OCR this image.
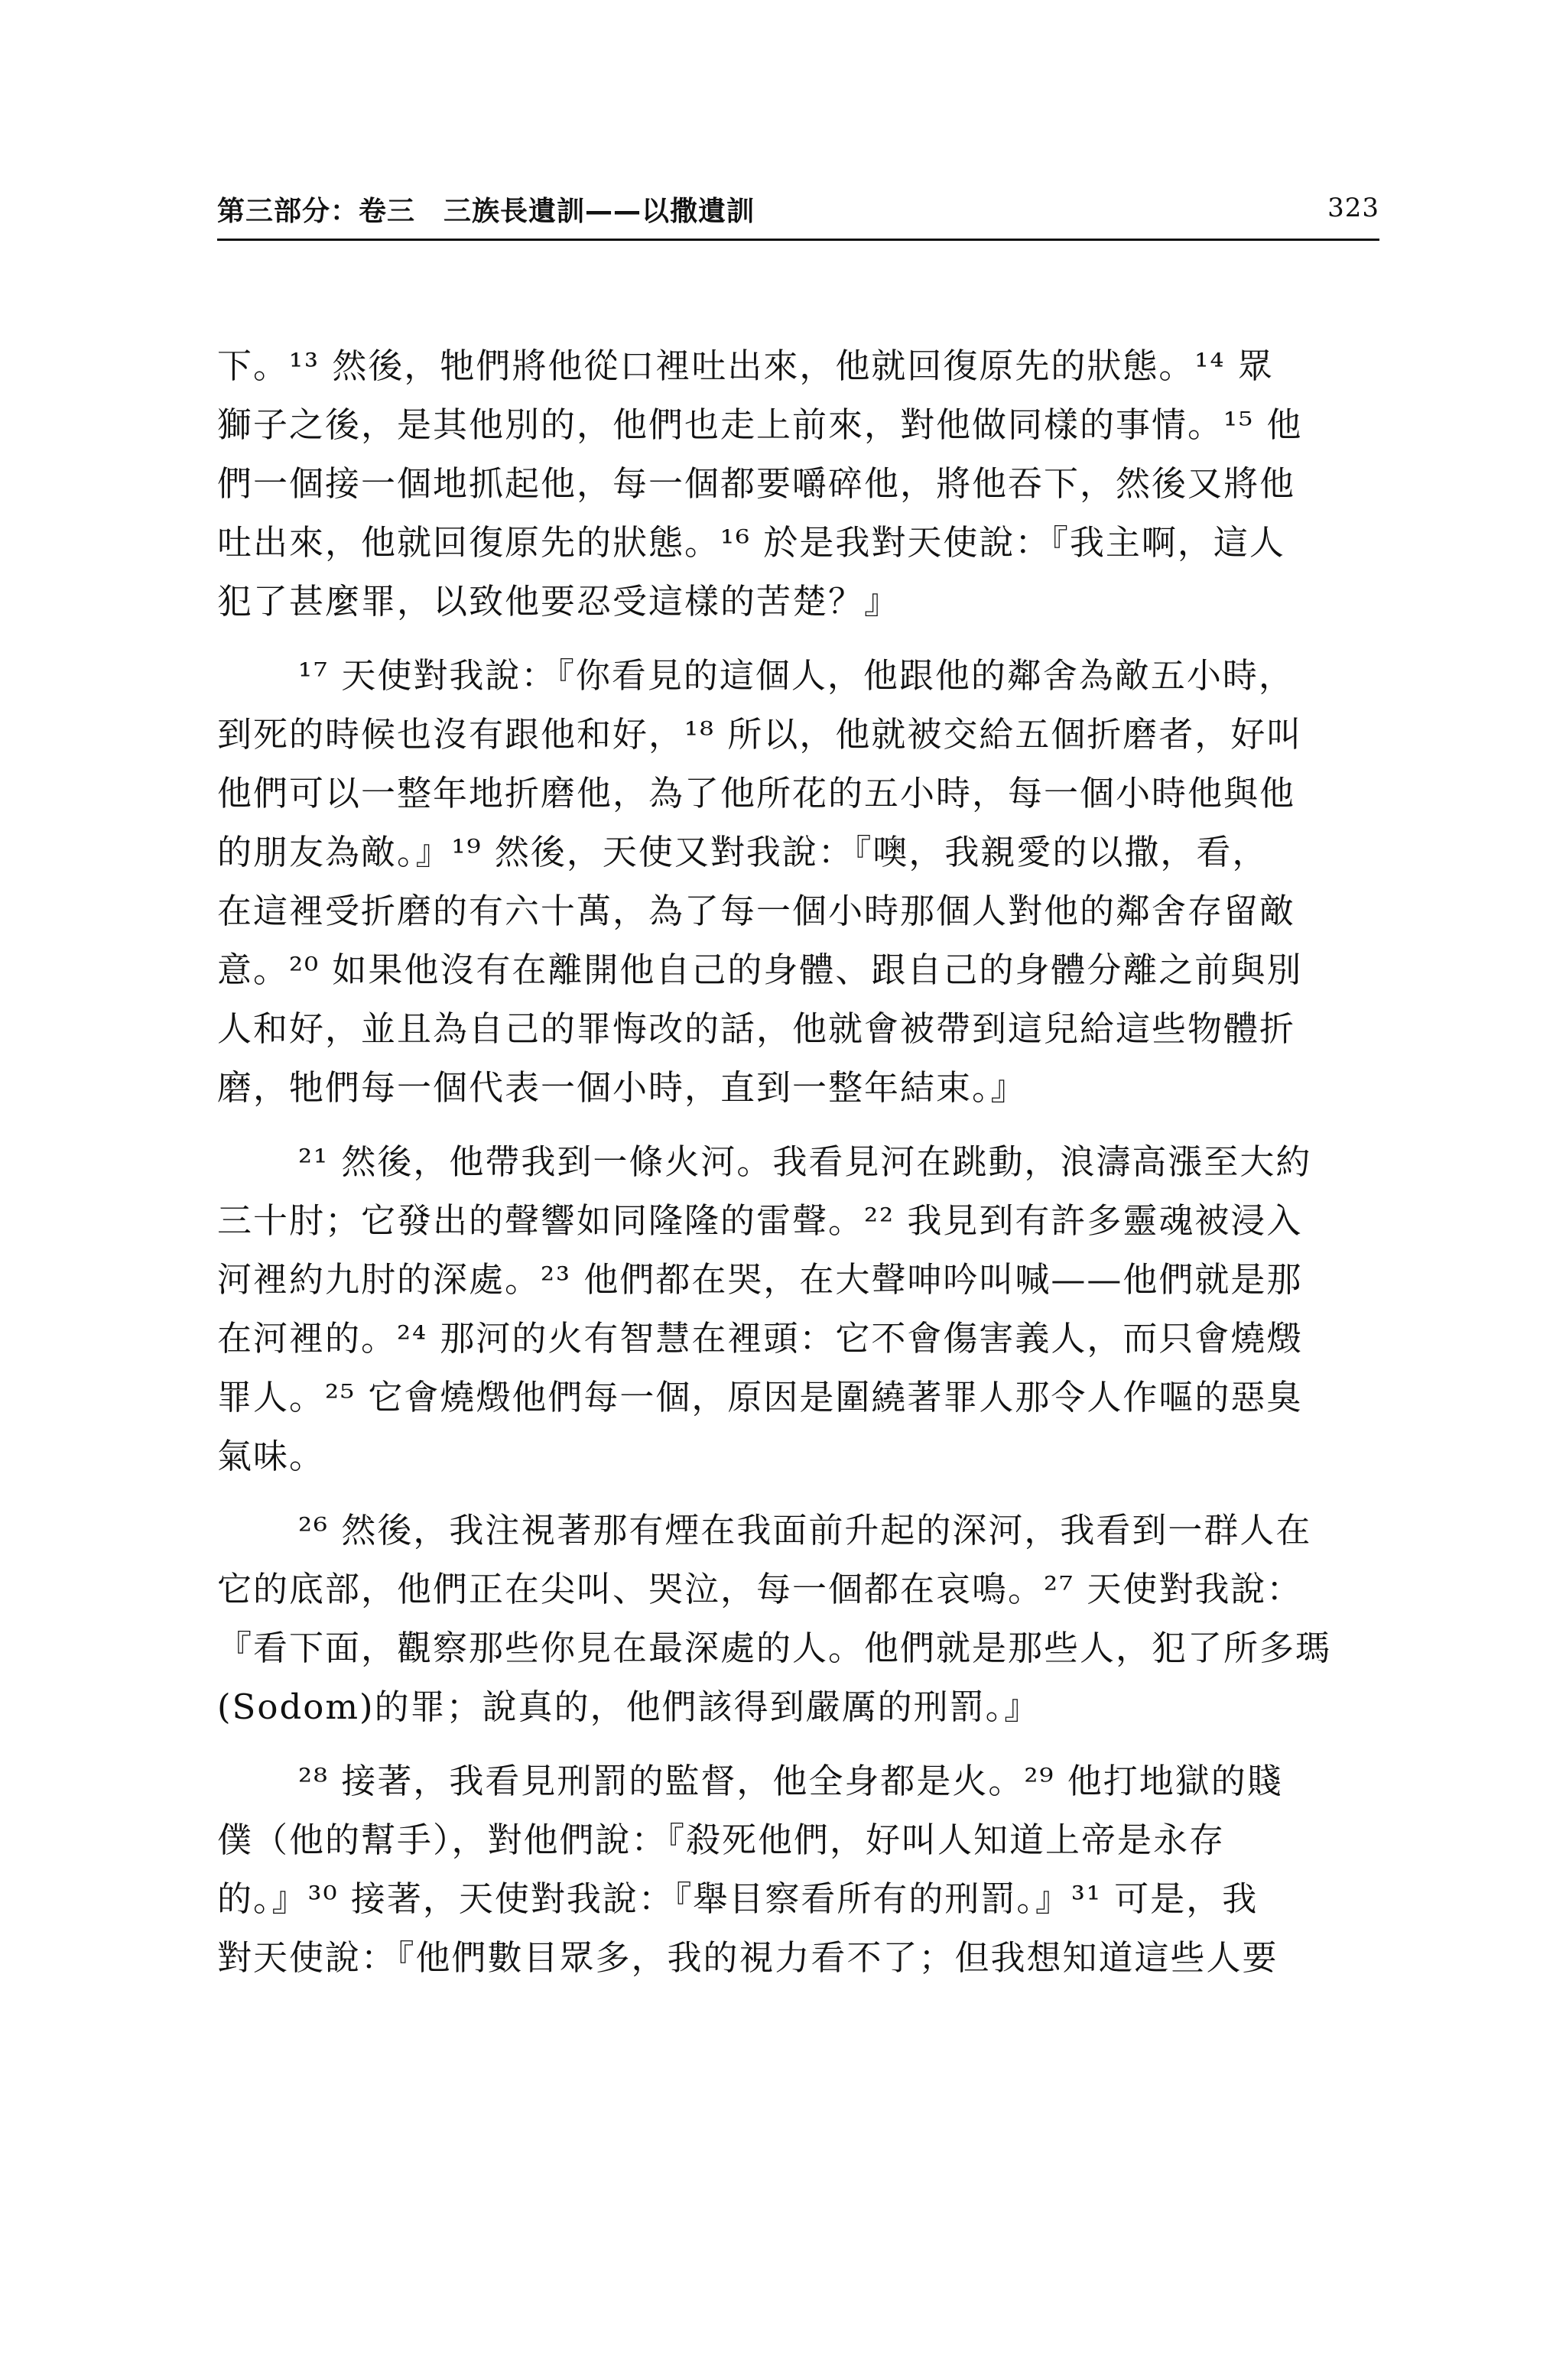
第三部分：卷三　三族長遺訓——以撒遺訓	323
下。¹³ 然後，牠們將他從口裡吐出來，他就回復原先的狀態。¹⁴ 眾
獅子之後，是其他別的，他們也走上前來，對他做同樣的事情。¹⁵ 他
們一個接一個地抓起他，每一個都要嚼碎他，將他吞下，然後又將他
吐出來，他就回復原先的狀態。¹⁶ 於是我對天使說：『我主啊，這人
犯了甚麼罪，以致他要忍受這樣的苦楚？』
¹⁷ 天使對我說：『你看見的這個人，他跟他的鄰舍為敵五小時，
到死的時候也沒有跟他和好，¹⁸ 所以，他就被交給五個折磨者，好叫
他們可以一整年地折磨他，為了他所花的五小時，每一個小時他與他
的朋友為敵。』¹⁹ 然後，天使又對我說：『噢，我親愛的以撒，看，
在這裡受折磨的有六十萬，為了每一個小時那個人對他的鄰舍存留敵
意。²⁰ 如果他沒有在離開他自己的身體、跟自己的身體分離之前與別
人和好，並且為自己的罪悔改的話，他就會被帶到這兒給這些物體折
磨，牠們每一個代表一個小時，直到一整年結束。』
²¹ 然後，他帶我到一條火河。我看見河在跳動，浪濤高漲至大約
三十肘；它發出的聲響如同隆隆的雷聲。²² 我見到有許多靈魂被浸入
河裡約九肘的深處。²³ 他們都在哭，在大聲呻吟叫喊——他們就是那
在河裡的。²⁴ 那河的火有智慧在裡頭：它不會傷害義人，而只會燒燬
罪人。²⁵ 它會燒燬他們每一個，原因是圍繞著罪人那令人作嘔的惡臭
氣味。
²⁶ 然後，我注視著那有煙在我面前升起的深河，我看到一群人在
它的底部，他們正在尖叫、哭泣，每一個都在哀鳴。²⁷ 天使對我說：
『看下面，觀察那些你見在最深處的人。他們就是那些人，犯了所多瑪
(Sodom)的罪；說真的，他們該得到嚴厲的刑罰。』
²⁸ 接著，我看見刑罰的監督，他全身都是火。²⁹ 他打地獄的賤
僕（他的幫手），對他們說：『殺死他們，好叫人知道上帝是永存
的。』³⁰ 接著，天使對我說：『舉目察看所有的刑罰。』³¹ 可是，我
對天使說：『他們數目眾多，我的視力看不了；但我想知道這些人要
